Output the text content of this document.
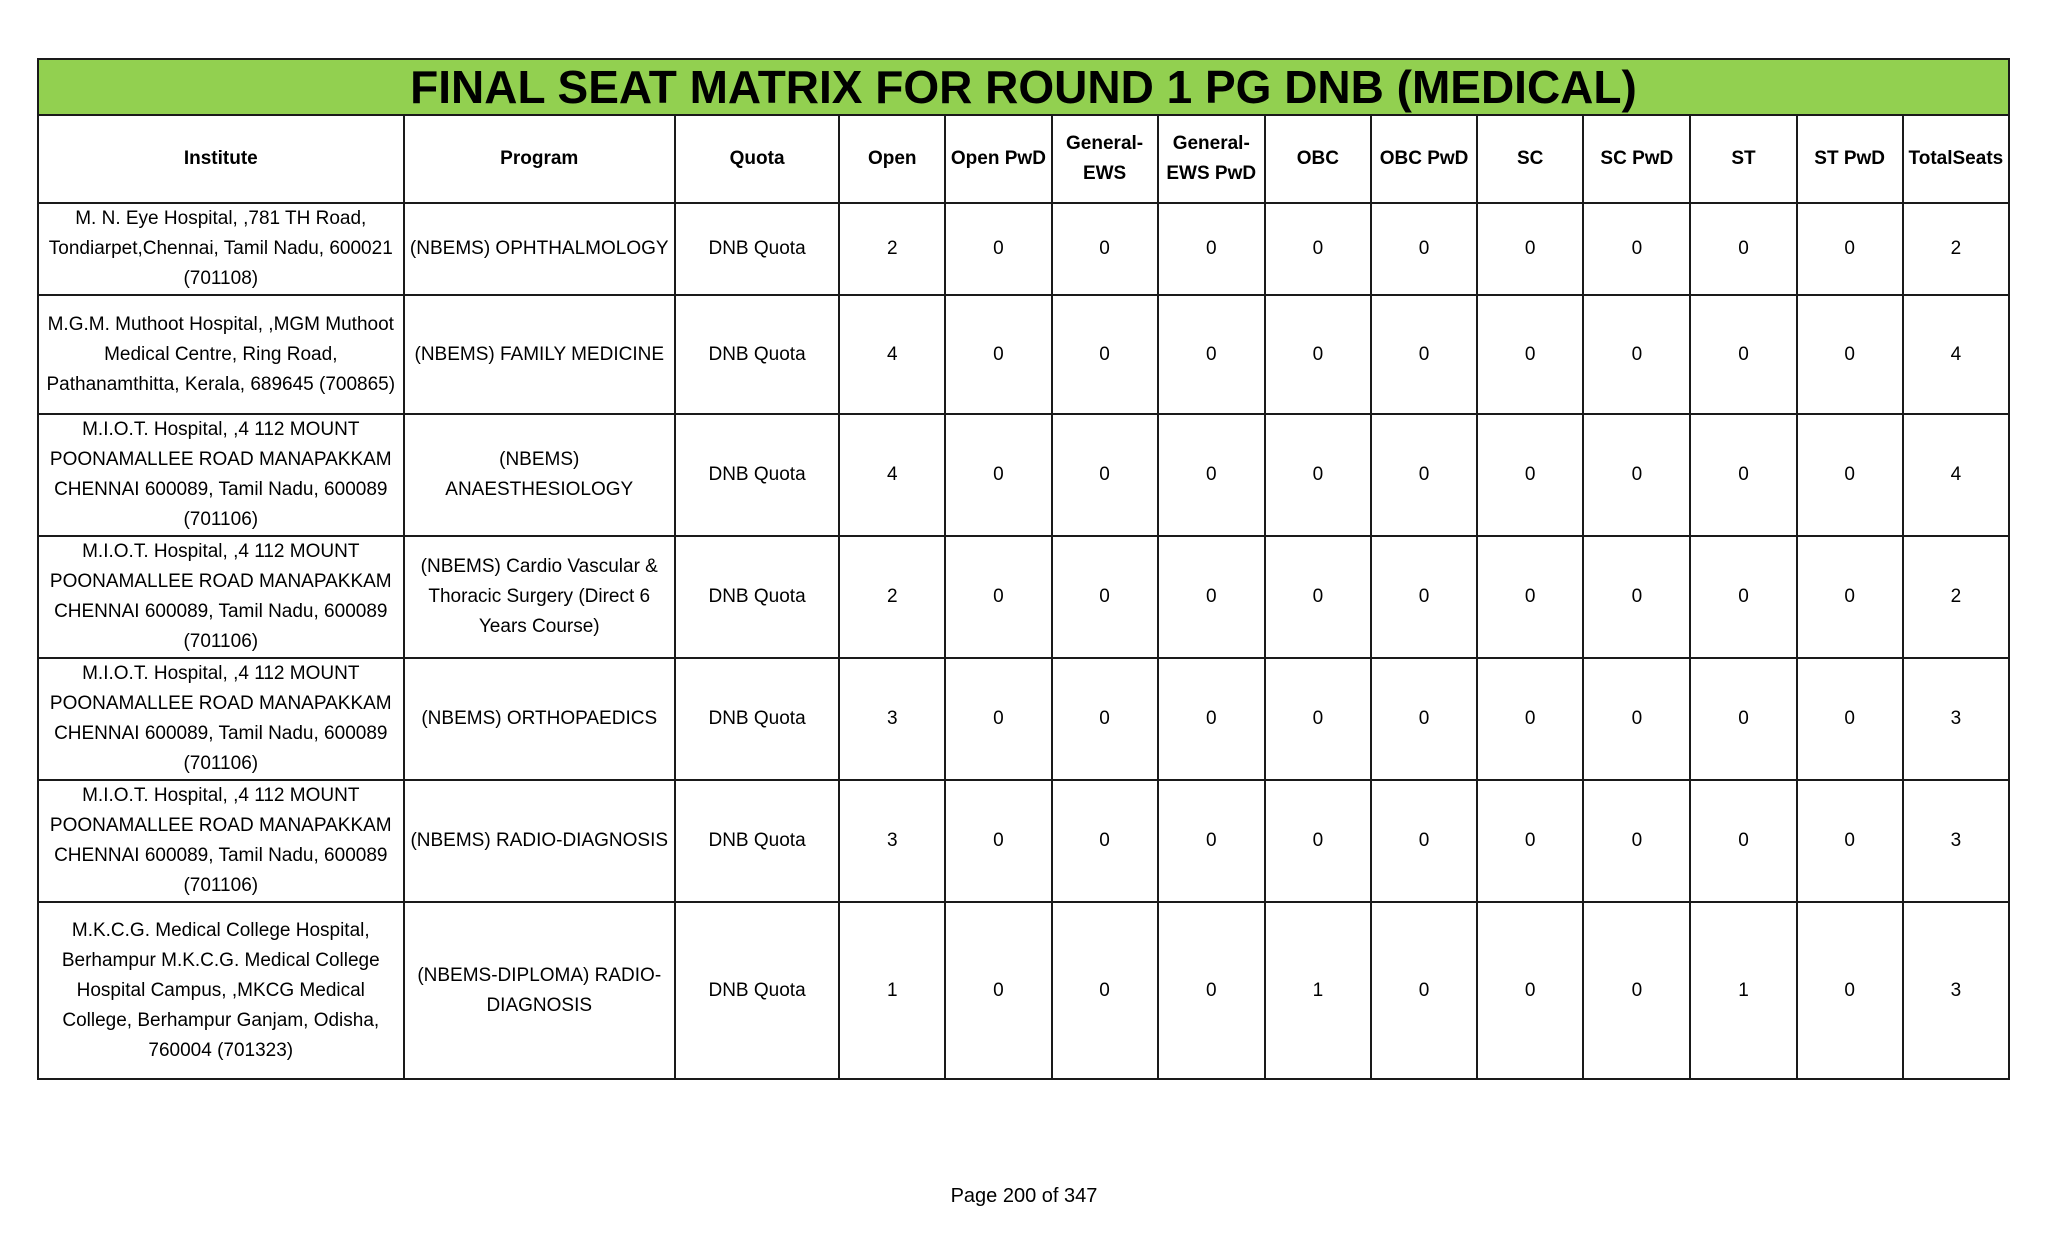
FINAL SEAT MATRIX FOR ROUND 1 PG DNB (MEDICAL)													
Institute	Program	Quota	Open	Open PwD	General-EWS	General-EWS PwD	OBC	OBC PwD	SC	SC PwD	ST	ST PwD	TotalSeats
M. N. Eye Hospital, ,781 TH Road, Tondiarpet,Chennai, Tamil Nadu, 600021 (701108)	(NBEMS) OPHTHALMOLOGY	DNB Quota	2	0	0	0	0	0	0	0	0	0	2
M.G.M. Muthoot Hospital, ,MGM Muthoot Medical Centre, Ring Road, Pathanamthitta, Kerala, 689645 (700865)	(NBEMS) FAMILY MEDICINE	DNB Quota	4	0	0	0	0	0	0	0	0	0	4
M.I.O.T. Hospital, ,4 112 MOUNT POONAMALLEE ROAD MANAPAKKAM CHENNAI 600089, Tamil Nadu, 600089 (701106)	(NBEMS) ANAESTHESIOLOGY	DNB Quota	4	0	0	0	0	0	0	0	0	0	4
M.I.O.T. Hospital, ,4 112 MOUNT POONAMALLEE ROAD MANAPAKKAM CHENNAI 600089, Tamil Nadu, 600089 (701106)	(NBEMS) Cardio Vascular & Thoracic Surgery (Direct 6 Years Course)	DNB Quota	2	0	0	0	0	0	0	0	0	0	2
M.I.O.T. Hospital, ,4 112 MOUNT POONAMALLEE ROAD MANAPAKKAM CHENNAI 600089, Tamil Nadu, 600089 (701106)	(NBEMS) ORTHOPAEDICS	DNB Quota	3	0	0	0	0	0	0	0	0	0	3
M.I.O.T. Hospital, ,4 112 MOUNT POONAMALLEE ROAD MANAPAKKAM CHENNAI 600089, Tamil Nadu, 600089 (701106)	(NBEMS) RADIO-DIAGNOSIS	DNB Quota	3	0	0	0	0	0	0	0	0	0	3
M.K.C.G. Medical College Hospital, Berhampur M.K.C.G. Medical College Hospital Campus, ,MKCG Medical College, Berhampur Ganjam, Odisha, 760004 (701323)	(NBEMS-DIPLOMA) RADIO-DIAGNOSIS	DNB Quota	1	0	0	0	1	0	0	0	1	0	3
Page 200 of 347
